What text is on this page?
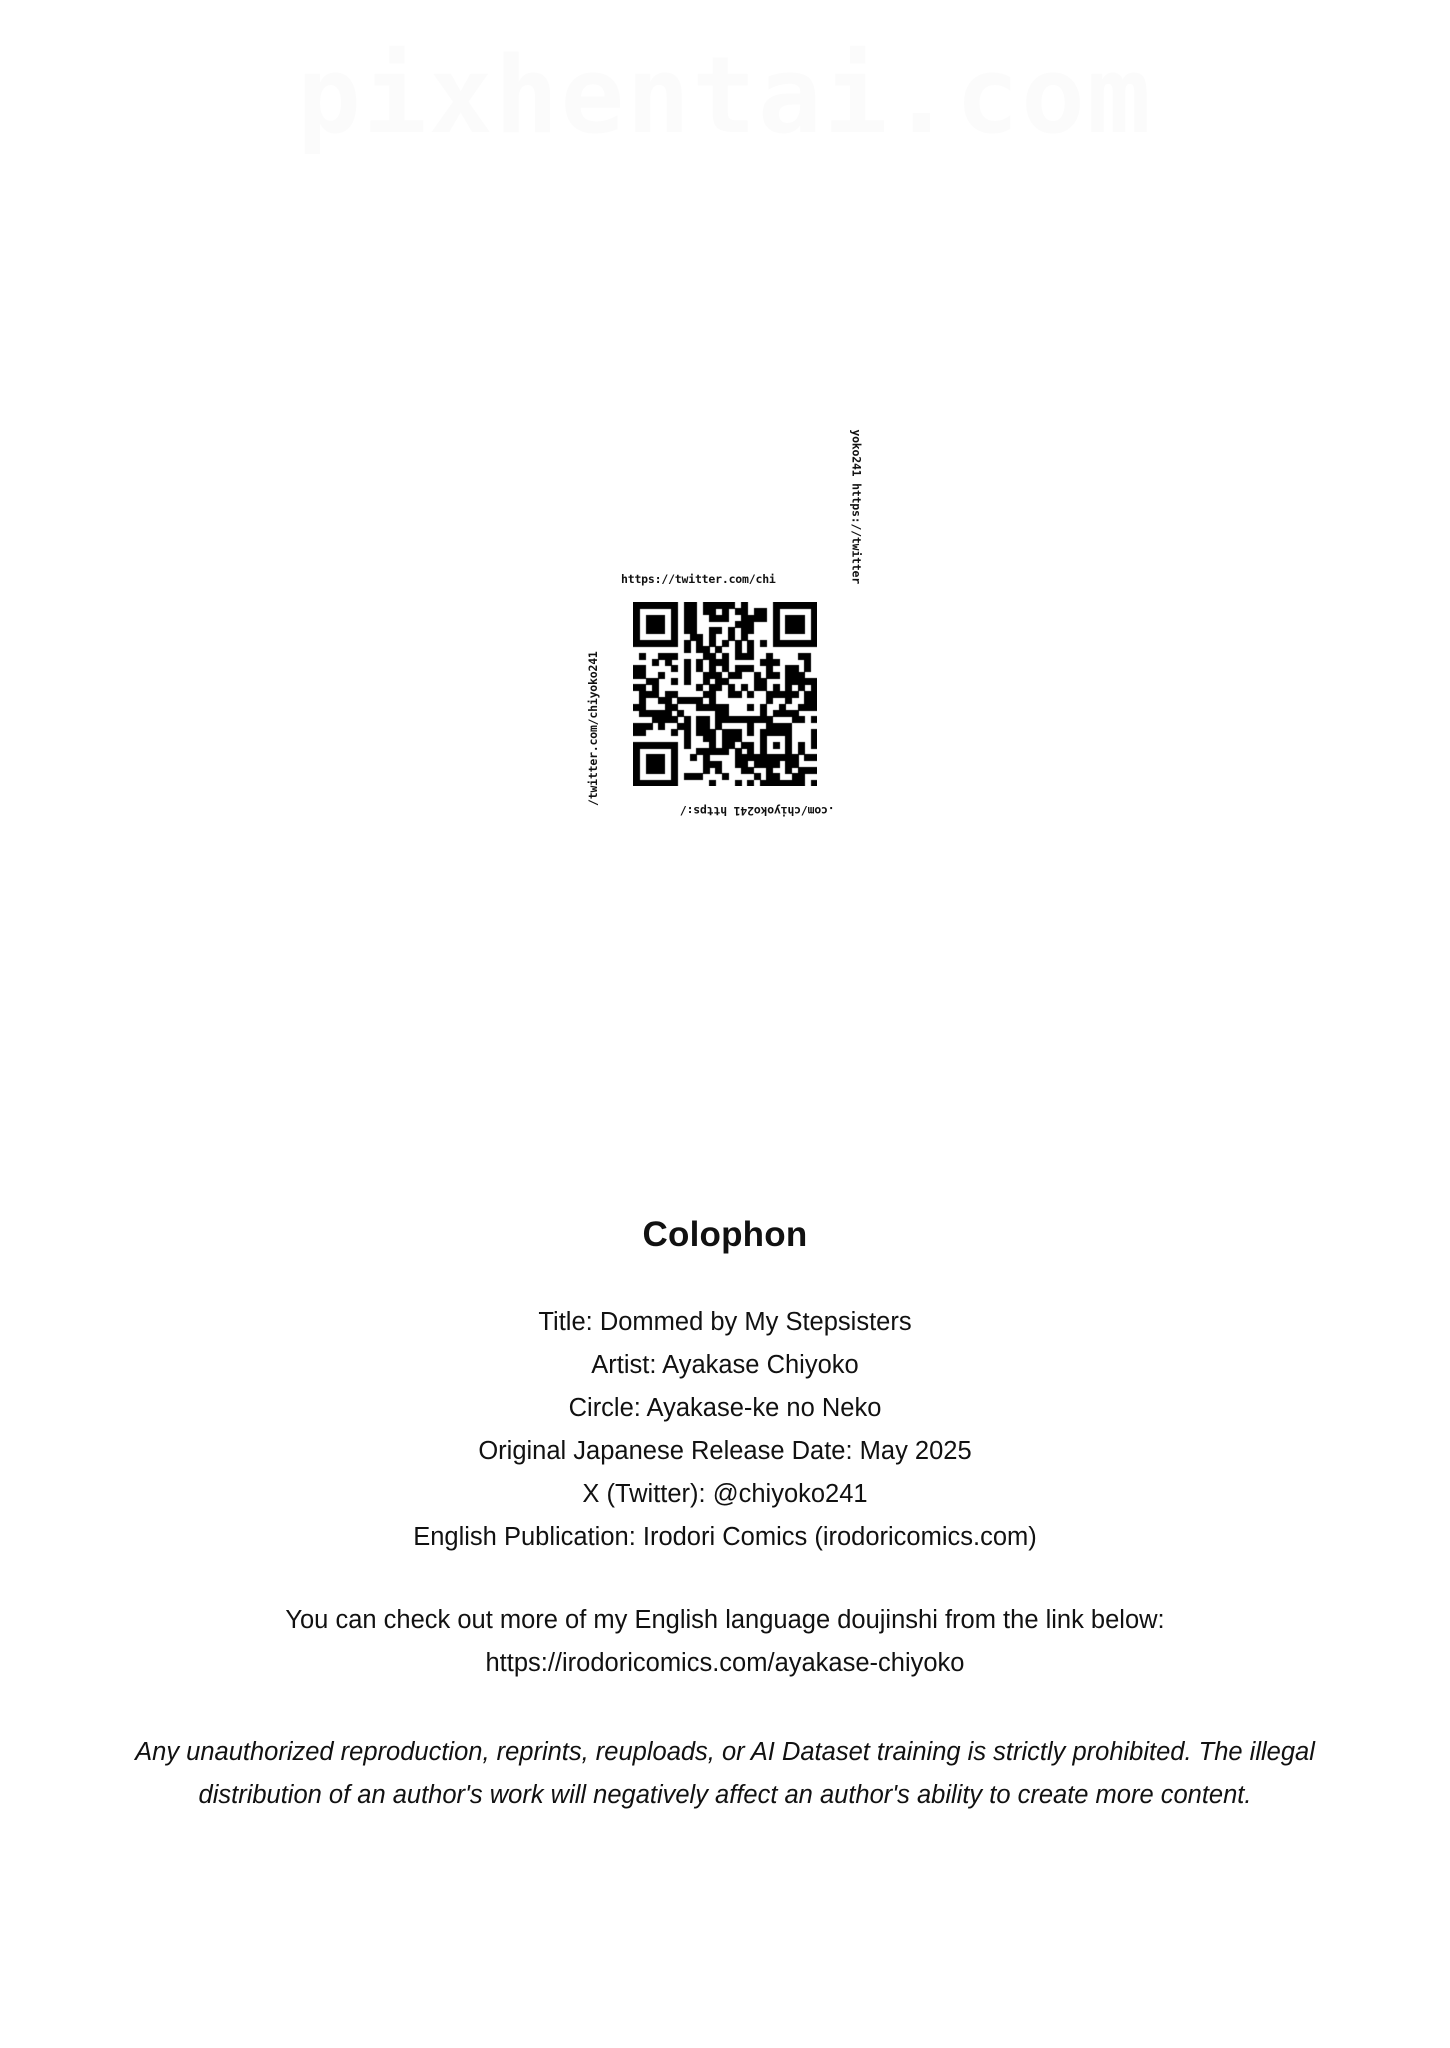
pixhentai.com
https://twitter.com/chi	yoko241 https://twitter
.com/chiyoko241 https:/
/twitter.com/chiyoko241
Colophon
Title: Dommed by My Stepsisters
Artist: Ayakase Chiyoko
Circle: Ayakase-ke no Neko
Original Japanese Release Date: May 2025
X (Twitter): @chiyoko241
English Publication: Irodori Comics (irodoricomics.com)
You can check out more of my English language doujinshi from the link below:
https://irodoricomics.com/ayakase-chiyoko
Any unauthorized reproduction, reprints, reuploads, or AI Dataset training is strictly prohibited. The illegal distribution of an author's work will negatively affect an author's ability to create more content.
